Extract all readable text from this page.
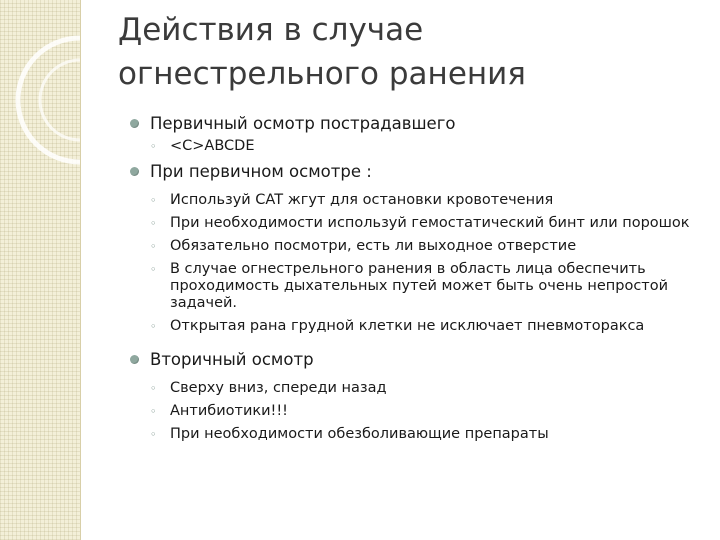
Действия в случае
огнестрельного ранения
Первичный осмотр пострадавшего
◦ <C>ABCDE
При первичном осмотре :
◦ Используй CAT жгут для остановки кровотечения
◦ При необходимости используй гемостатический бинт или порошок
◦ Обязательно посмотри, есть ли выходное отверстие
◦ В случае огнестрельного ранения в область лица обеспечить проходимость дыхательных путей может быть очень непростой задачей.
◦ Открытая рана грудной клетки не исключает пневмоторакса
Вторичный осмотр
◦ Сверху вниз, спереди назад
◦ Антибиотики!!!
◦ При необходимости обезболивающие препараты
